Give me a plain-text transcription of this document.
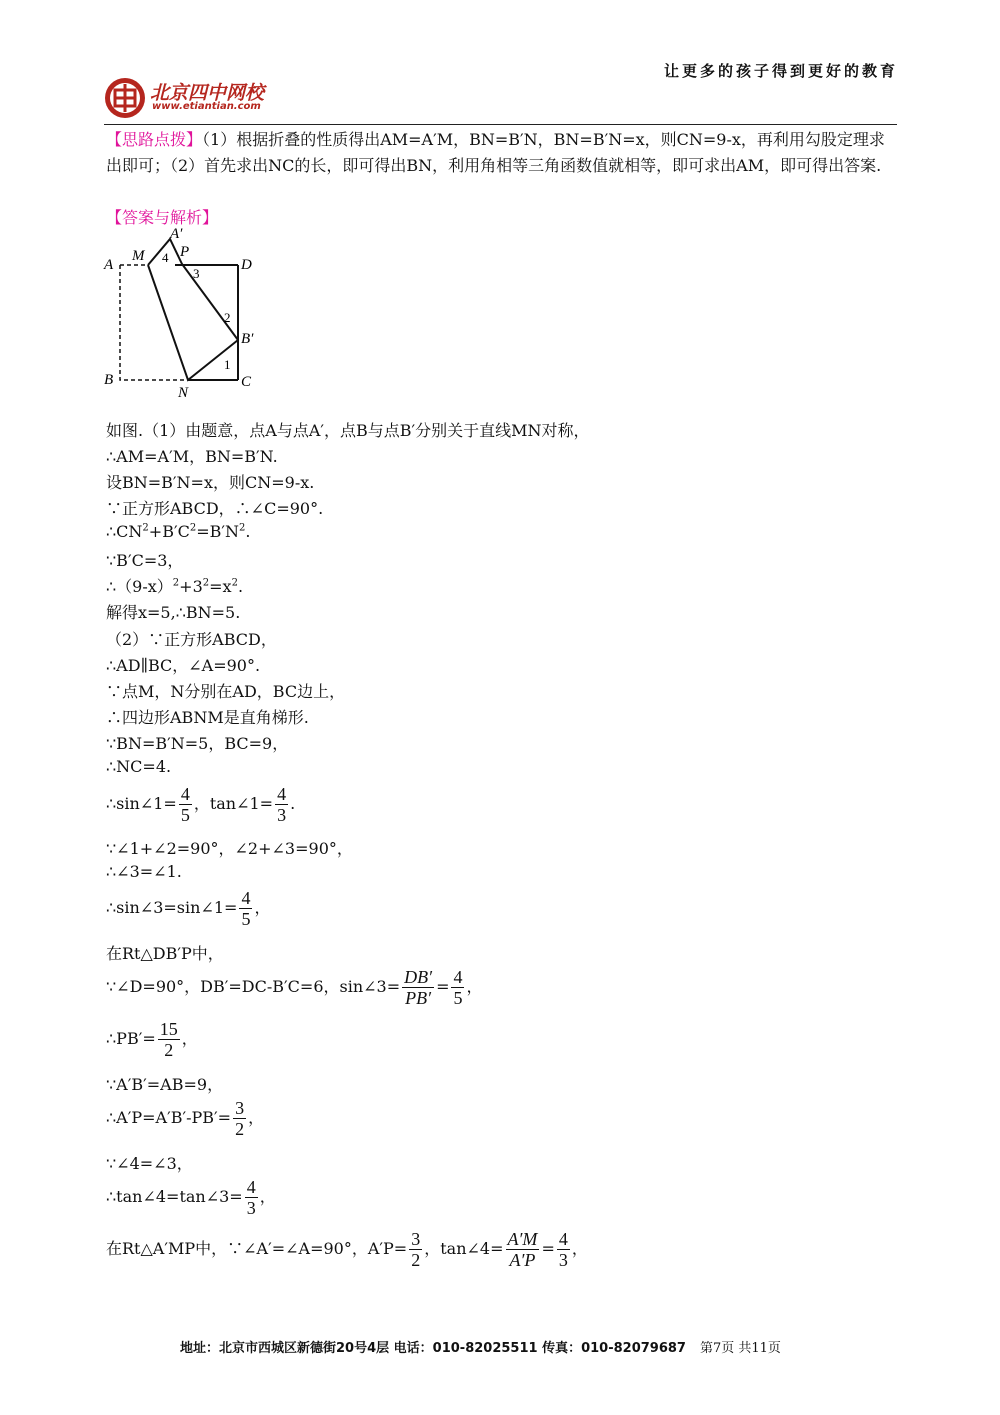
北京四中网校
www.etiantian.com
让更多的孩子得到更好的教育
【思路点拨】（1）根据折叠的性质得出AM=A′M，BN=B′N，BN=B′N=x，则CN=9-x，再利用勾股定理求出即可；（2）首先求出NC的长，即可得出BN，利用角相等三角函数值就相等，即可求出AM，即可得出答案.
【答案与解析】
A′
M P
4
3
A	D
2
B′
1
B	C
N
如图.（1）由题意，点A与点A′，点B与点B′分别关于直线MN对称，
∴AM=A′M，BN=B′N.
设BN=B′N=x，则CN=9-x.
∵正方形ABCD，∴∠C=90°.
$\therefore CN^2+B'C^2=B'N^2$.
∵B′C=3，
$\therefore(9-x)^2+3^2=x^2$.
解得x=5,∴BN=5.
（2）∵正方形ABCD，
∴AD∥BC，∠A=90°.
∵点M，N分别在AD，BC边上，
∴四边形ABNM是直角梯形.
∵BN=B′N=5，BC=9，
∴NC=4.
∴sin∠1= $\frac{4}{5}$ ，tan∠1= $\frac{4}{3}$ .
∵∠1+∠2=90°，∠2+∠3=90°，
∴∠3=∠1.
∴sin∠3=sin∠1= $\frac{4}{5}$ ，
在Rt△DB′P中，
∵∠D=90°，DB′=DC-B′C=6，sin∠3= $\frac{DB'}{PB'} = \frac{4}{5}$ ，
∴PB′= $\frac{15}{2}$ ，
∵A′B′=AB=9，
∴A′P=A′B′-PB′= $\frac{3}{2}$ ，
∵∠4=∠3，
∴tan∠4=tan∠3= $\frac{4}{3}$ ，
在Rt△A′MP中，∵∠A′=∠A=90°，$A'P= \frac{3}{2}$ ，tan∠4= $\frac{A'M}{A'P} = \frac{4}{3}$ ，
地址：北京市西城区新德街20号4层 电话：010-82025511 传真：010-82079687 第7页 共11页
